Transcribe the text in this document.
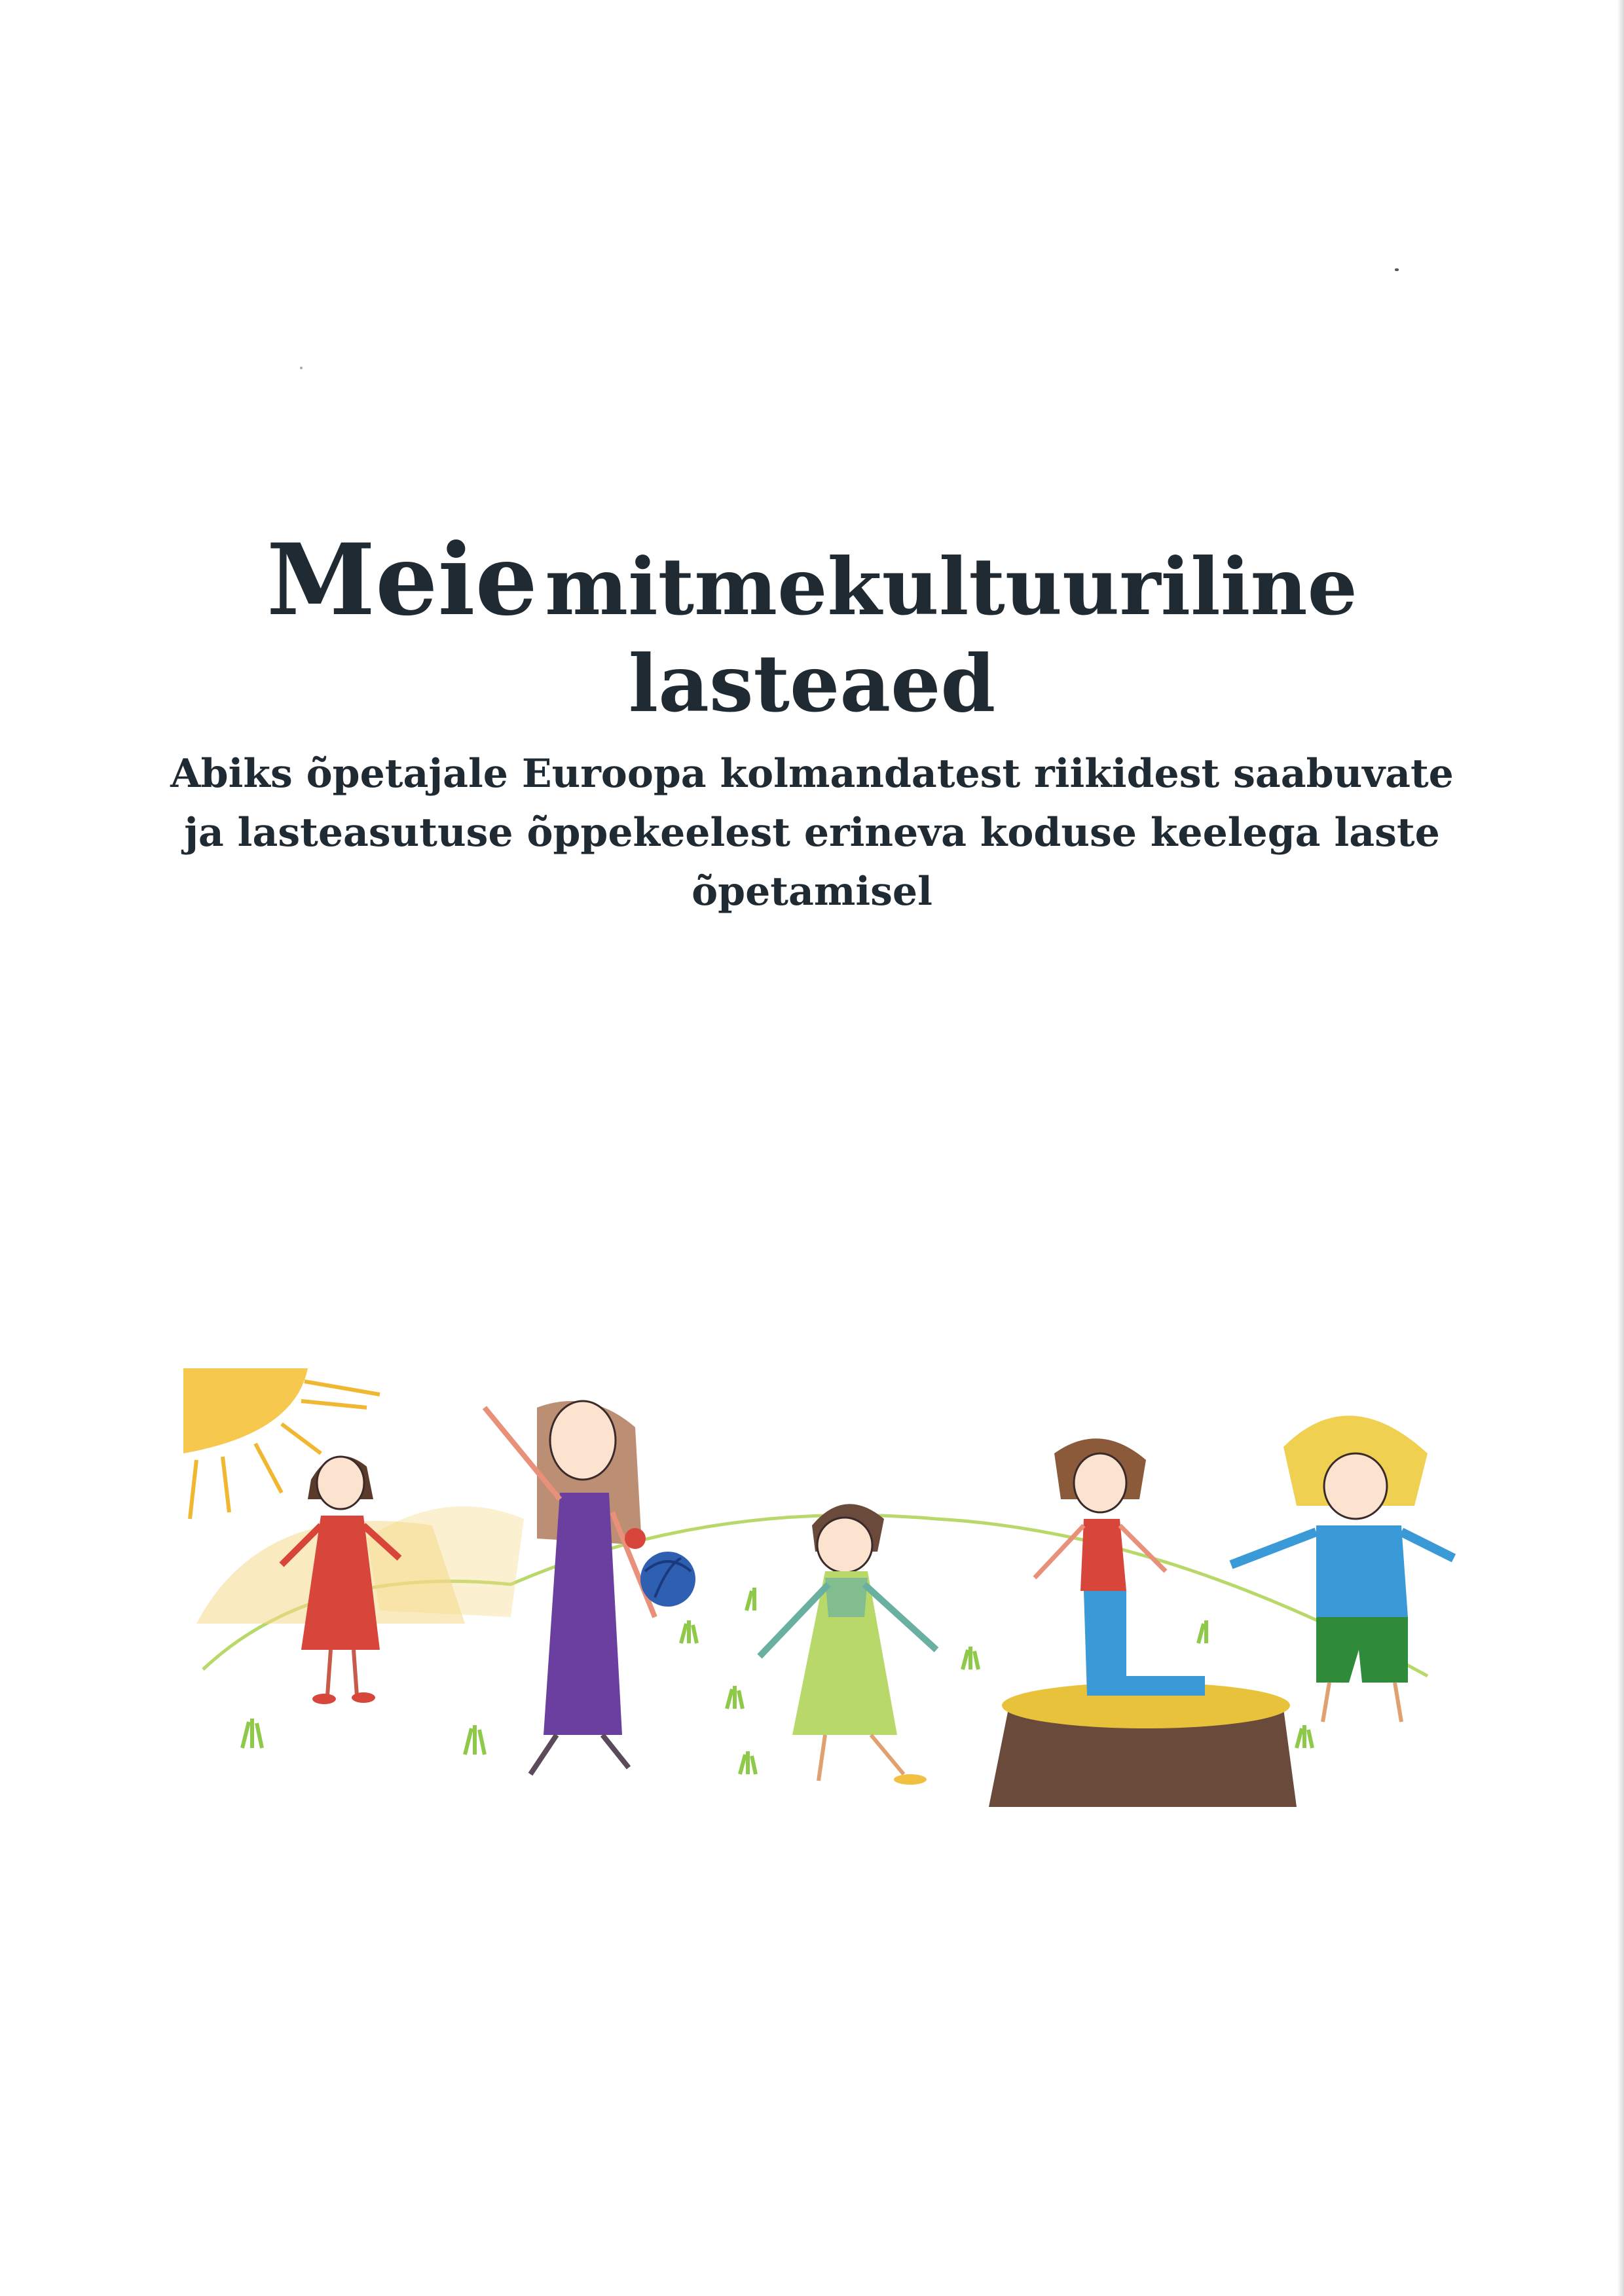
Meie mitmekultuuriline
lasteaed

Abiks õpetajale Euroopa kolmandatest riikidest saabuvate ja lasteasutuse õppekeelest erineva koduse keelega laste õpetamisel
